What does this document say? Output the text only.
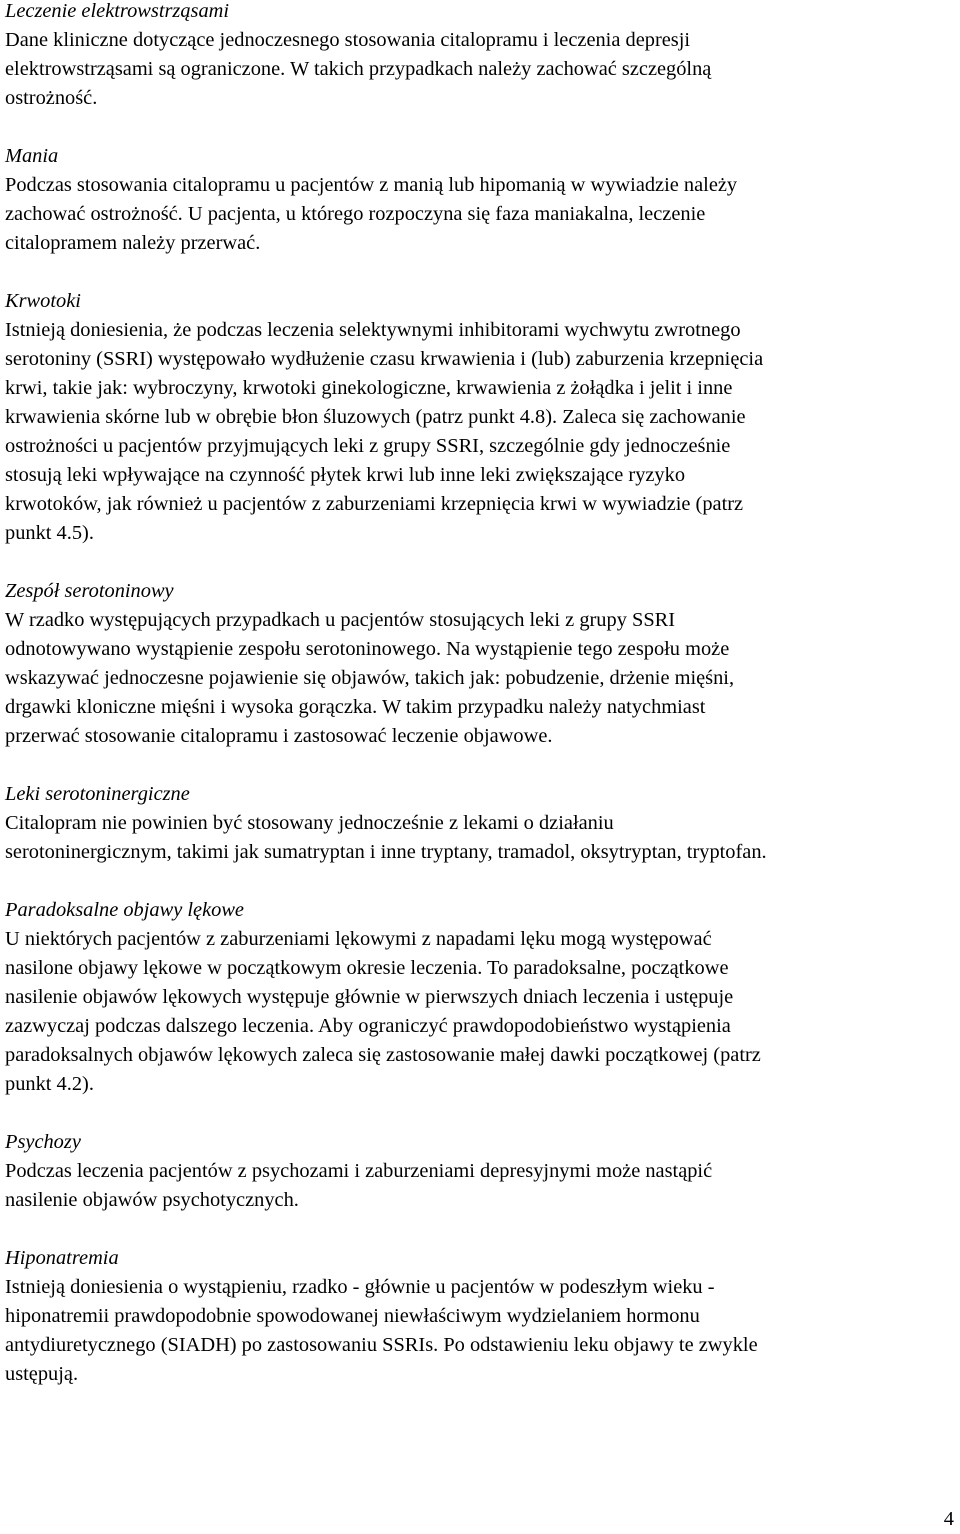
Leczenie elektrowstrząsami
Dane kliniczne dotyczące jednoczesnego stosowania citalopramu i leczenia depresji
elektrowstrząsami są ograniczone. W takich przypadkach należy zachować szczególną
ostrożność.
Mania
Podczas stosowania citalopramu u pacjentów z manią lub hipomanią w wywiadzie należy
zachować ostrożność. U pacjenta, u którego rozpoczyna się faza maniakalna, leczenie
citalopramem należy przerwać.
Krwotoki
Istnieją doniesienia, że podczas leczenia selektywnymi inhibitorami wychwytu zwrotnego
serotoniny (SSRI) występowało wydłużenie czasu krwawienia i (lub) zaburzenia krzepnięcia
krwi, takie jak: wybroczyny, krwotoki ginekologiczne, krwawienia z żołądka i jelit i inne
krwawienia skórne lub w obrębie błon śluzowych (patrz punkt 4.8). Zaleca się zachowanie
ostrożności u pacjentów przyjmujących leki z grupy SSRI, szczególnie gdy jednocześnie
stosują leki wpływające na czynność płytek krwi lub inne leki zwiększające ryzyko
krwotoków, jak również u pacjentów z zaburzeniami krzepnięcia krwi w wywiadzie (patrz
punkt 4.5).
Zespół serotoninowy
W rzadko występujących przypadkach u pacjentów stosujących leki z grupy SSRI
odnotowywano wystąpienie zespołu serotoninowego. Na wystąpienie tego zespołu może
wskazywać jednoczesne pojawienie się objawów, takich jak: pobudzenie, drżenie mięśni,
drgawki kloniczne mięśni i wysoka gorączka. W takim przypadku należy natychmiast
przerwać stosowanie citalopramu i zastosować leczenie objawowe.
Leki serotoninergiczne
Citalopram nie powinien być stosowany jednocześnie z lekami o działaniu
serotoninergicznym, takimi jak sumatryptan i inne tryptany, tramadol, oksytryptan, tryptofan.
Paradoksalne objawy lękowe
U niektórych pacjentów z zaburzeniami lękowymi z napadami lęku mogą występować
nasilone objawy lękowe w początkowym okresie leczenia. To paradoksalne, początkowe
nasilenie objawów lękowych występuje głównie w pierwszych dniach leczenia i ustępuje
zazwyczaj podczas dalszego leczenia. Aby ograniczyć prawdopodobieństwo wystąpienia
paradoksalnych objawów lękowych zaleca się zastosowanie małej dawki początkowej (patrz
punkt 4.2).
Psychozy
Podczas leczenia pacjentów z psychozami i zaburzeniami depresyjnymi może nastąpić
nasilenie objawów psychotycznych.
Hiponatremia
Istnieją doniesienia o wystąpieniu, rzadko - głównie u pacjentów w podeszłym wieku -
hiponatremii prawdopodobnie spowodowanej niewłaściwym wydzielaniem hormonu
antydiuretycznego (SIADH) po zastosowaniu SSRIs. Po odstawieniu leku objawy te zwykle
ustępują.
4
